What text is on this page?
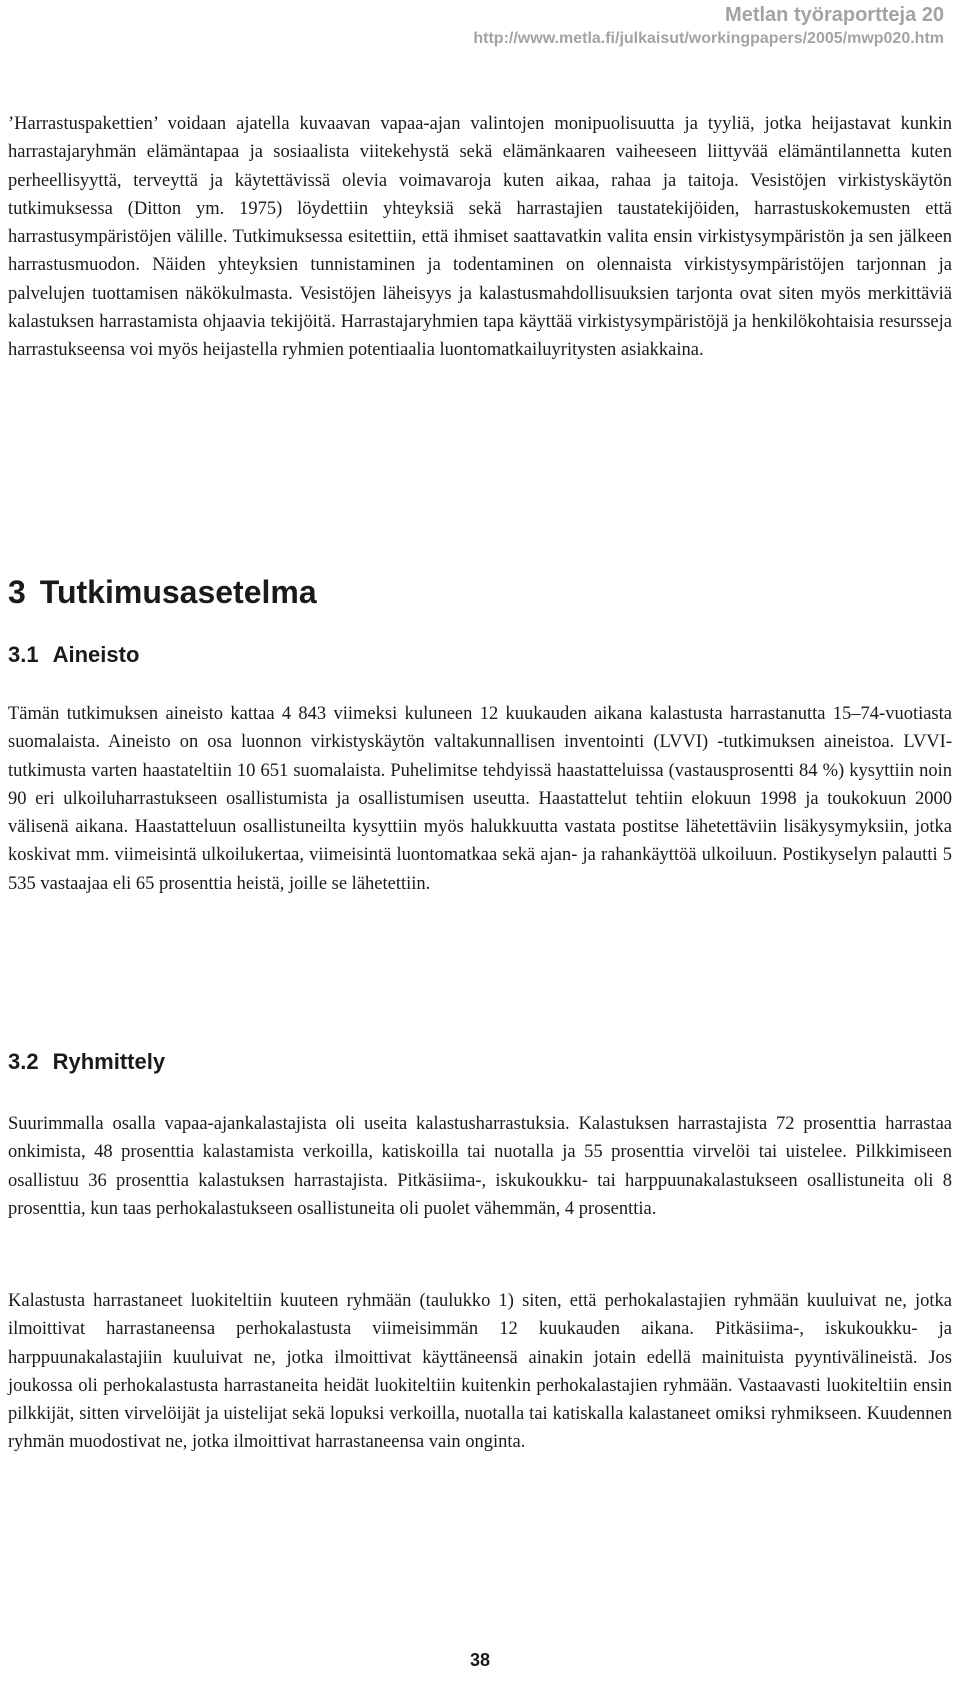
Metlan työraportteja 20
http://www.metla.fi/julkaisut/workingpapers/2005/mwp020.htm

’Harrastuspakettien’ voidaan ajatella kuvaavan vapaa-ajan valintojen monipuolisuutta ja tyyliä, jotka heijastavat kunkin harrastajaryhmän elämäntapaa ja sosiaalista viitekehystä sekä elämänkaaren vaiheeseen liittyvää elämäntilannetta kuten perheellisyyttä, terveyttä ja käytettävissä olevia voimavaroja kuten aikaa, rahaa ja taitoja. Vesistöjen virkistyskäytön tutkimuksessa (Ditton ym. 1975) löydettiin yhteyksiä sekä harrastajien taustatekijöiden, harrastuskokemusten että harrastusympäristöjen välille. Tutkimuksessa esitettiin, että ihmiset saattavatkin valita ensin virkistysympäristön ja sen jälkeen harrastusmuodon. Näiden yhteyksien tunnistaminen ja todentaminen on olennaista virkistysympäristöjen tarjonnan ja palvelujen tuottamisen näkökulmasta. Vesistöjen läheisyys ja kalastusmahdollisuuksien tarjonta ovat siten myös merkittäviä kalastuksen harrastamista ohjaavia tekijöitä. Harrastajaryhmien tapa käyttää virkistysympäristöjä ja henkilökohtaisia resursseja harrastukseensa voi myös heijastella ryhmien potentiaalia luontomatkailuyritysten asiakkaina.

3 Tutkimusasetelma
3.1 Aineisto

Tämän tutkimuksen aineisto kattaa 4 843 viimeksi kuluneen 12 kuukauden aikana kalastusta harrastanutta 15–74-vuotiasta suomalaista. Aineisto on osa luonnon virkistyskäytön valtakunnallisen inventointi (LVVI) -tutkimuksen aineistoa. LVVI-tutkimusta varten haastateltiin 10 651 suomalaista. Puhelimitse tehdyissä haastatteluissa (vastausprosentti 84 %) kysyttiin noin 90 eri ulkoiluharrastukseen osallistumista ja osallistumisen useutta. Haastattelut tehtiin elokuun 1998 ja toukokuun 2000 välisenä aikana. Haastatteluun osallistuneilta kysyttiin myös halukkuutta vastata postitse lähetettäviin lisäkysymyksiin, jotka koskivat mm. viimeisintä ulkoilukertaa, viimeisintä luontomatkaa sekä ajan- ja rahankäyttöä ulkoiluun. Postikyselyn palautti 5 535 vastaajaa eli 65 prosenttia heistä, joille se lähetettiin.

3.2 Ryhmittely

Suurimmalla osalla vapaa-ajankalastajista oli useita kalastusharrastuksia. Kalastuksen harrastajista 72 prosenttia harrastaa onkimista, 48 prosenttia kalastamista verkoilla, katiskoilla tai nuotalla ja 55 prosenttia virvelöi tai uistelee. Pilkkimiseen osallistuu 36 prosenttia kalastuksen harrastajista. Pitkäsiima-, iskukoukku- tai harppuunakalastukseen osallistuneita oli 8 prosenttia, kun taas perhokalastukseen osallistuneita oli puolet vähemmän, 4 prosenttia.

Kalastusta harrastaneet luokiteltiin kuuteen ryhmään (taulukko 1) siten, että perhokalastajien ryhmään kuuluivat ne, jotka ilmoittivat harrastaneensa perhokalastusta viimeisimmän 12 kuukauden aikana. Pitkäsiima-, iskukoukku- ja harppuunakalastajiin kuuluivat ne, jotka ilmoittivat käyttäneensä ainakin jotain edellä mainituista pyyntivälineistä. Jos joukossa oli perhokalastusta harrastaneita heidät luokiteltiin kuitenkin perhokalastajien ryhmään. Vastaavasti luokiteltiin ensin pilkkijät, sitten virvelöijät ja uistelijat sekä lopuksi verkoilla, nuotalla tai katiskalla kalastaneet omiksi ryhmikseen. Kuudennen ryhmän muodostivat ne, jotka ilmoittivat harrastaneensa vain onginta.

38
